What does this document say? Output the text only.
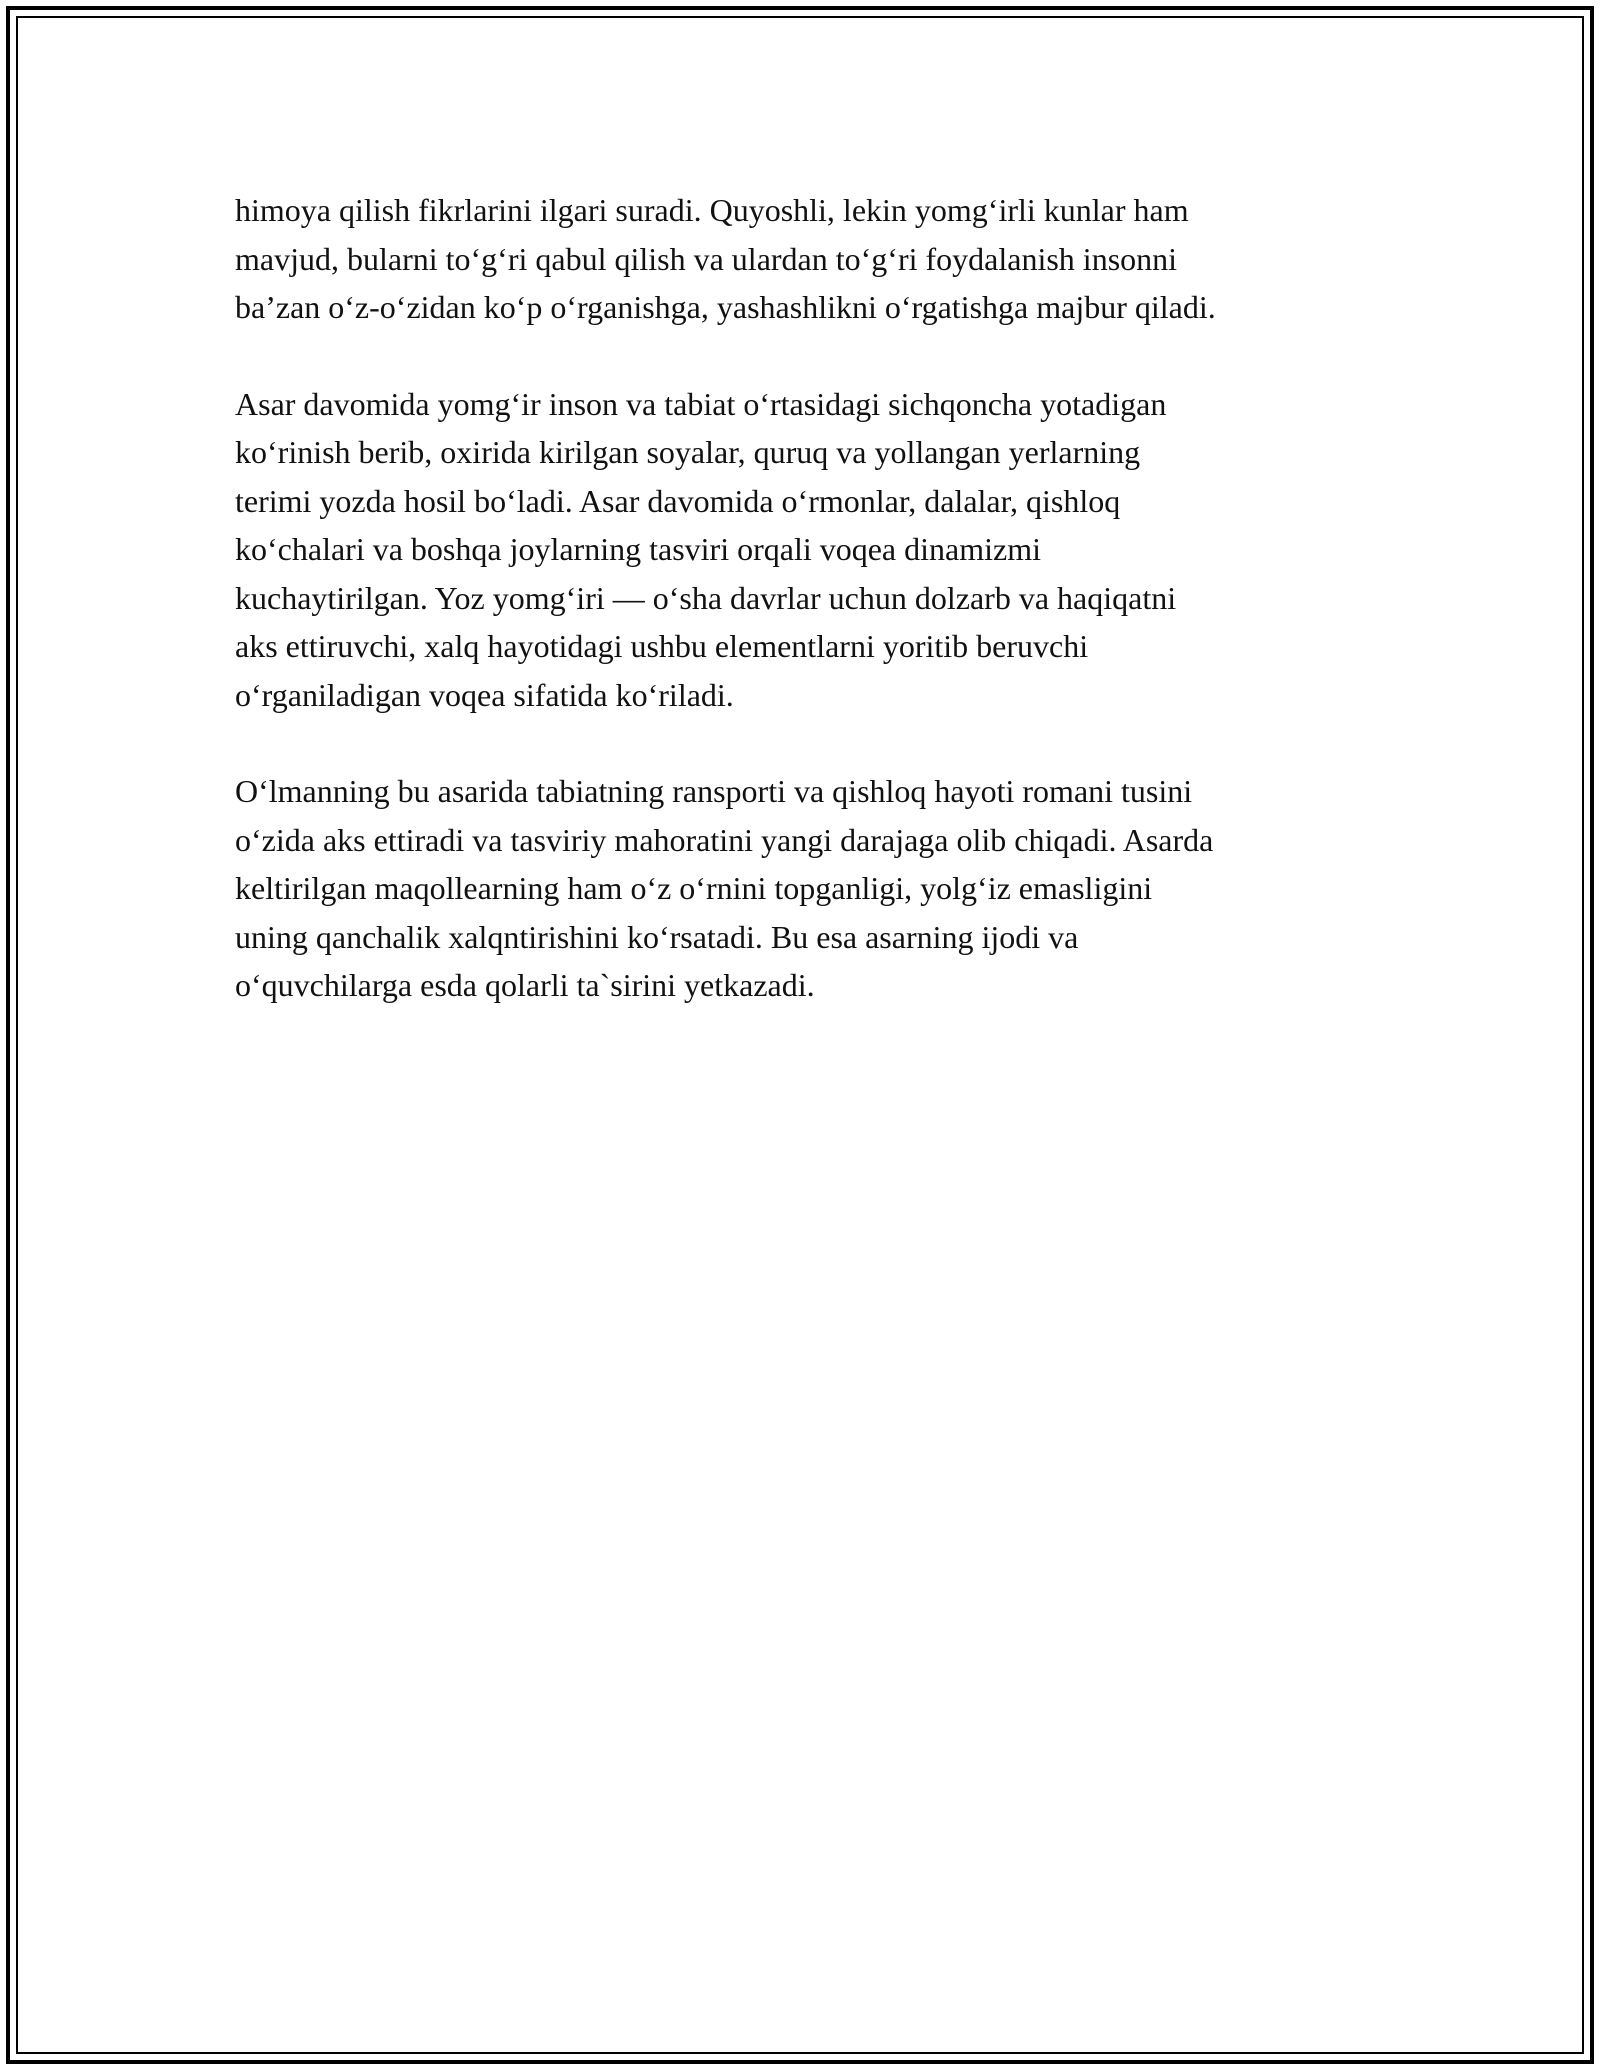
himoya qilish fikrlarini ilgari suradi. Quyoshli, lekin yomg‘irli kunlar ham
mavjud, bularni to‘g‘ri qabul qilish va ulardan to‘g‘ri foydalanish insonni
ba’zan o‘z-o‘zidan ko‘p o‘rganishga, yashashlikni o‘rgatishga majbur qiladi.

Asar davomida yomg‘ir inson va tabiat o‘rtasidagi sichqoncha yotadigan
ko‘rinish berib, oxirida kirilgan soyalar, quruq va yollangan yerlarning
terimi yozda hosil bo‘ladi. Asar davomida o‘rmonlar, dalalar, qishloq
ko‘chalari va boshqa joylarning tasviri orqali voqea dinamizmi
kuchaytirilgan. Yoz yomg‘iri — o‘sha davrlar uchun dolzarb va haqiqatni
aks ettiruvchi, xalq hayotidagi ushbu elementlarni yoritib beruvchi
o‘rganiladigan voqea sifatida ko‘riladi.

O‘lmanning bu asarida tabiatning ransporti va qishloq hayoti romani tusini
o‘zida aks ettiradi va tasviriy mahoratini yangi darajaga olib chiqadi. Asarda
keltirilgan maqollearning ham o‘z o‘rnini topganligi, yolg‘iz emasligini
uning qanchalik xalqntirishini ko‘rsatadi. Bu esa asarning ijodi va
o‘quvchilarga esda qolarli ta`sirini yetkazadi.
